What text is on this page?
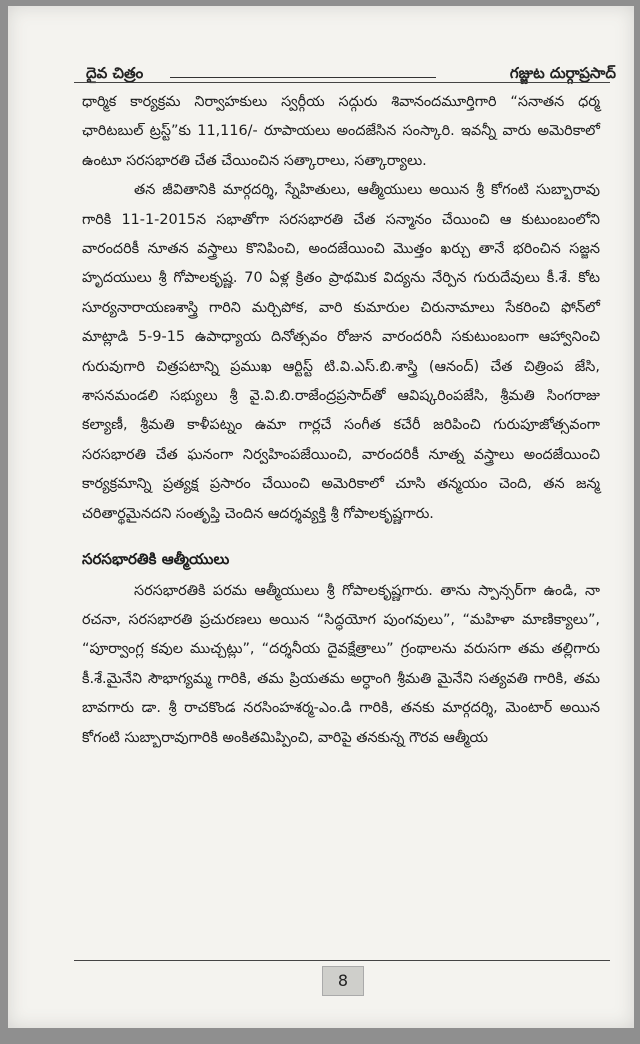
దైవ చిత్రం	గజ్జుట దుర్గాప్రసాద్

ధార్మిక కార్యక్రమ నిర్వాహకులు స్వర్గీయ సద్గురు శివానందమూర్తిగారి “సనాతన ధర్మ ఛారిటబుల్ ట్రస్ట్”కు 11,116/- రూపాయలు అందజేసిన సంస్కారి. ఇవన్నీ వారు అమెరికాలో ఉంటూ సరసభారతి చేత చేయించిన సత్కారాలు, సత్కార్యాలు.

తన జీవితానికి మార్గదర్శి, స్నేహితులు, ఆత్మీయులు అయిన శ్రీ కోగంటి సుబ్బారావు గారికి 11-1-2015న సభాతోగా సరసభారతి చేత సన్మానం చేయించి ఆ కుటుంబంలోని వారందరికీ నూతన వస్త్రాలు కొనిపించి, అందజేయించి మొత్తం ఖర్చు తానే భరించిన సజ్జన హృదయులు శ్రీ గోపాలకృష్ణ. 70 ఏళ్ల క్రితం ప్రాథమిక విద్యను నేర్పిన గురుదేవులు కీ.శే. కోట సూర్యనారాయణశాస్త్రి గారిని మర్చిపోక, వారి కుమారుల చిరునామాలు సేకరించి ఫోన్‌లో మాట్లాడి 5-9-15 ఉపాధ్యాయ దినోత్సవం రోజున వారందరినీ సకుటుంబంగా ఆహ్వానించి గురువుగారి చిత్రపటాన్ని ప్రముఖ ఆర్టిస్ట్ టి.వి.ఎస్.బి.శాస్త్రి (ఆనంద్) చేత చిత్రింప జేసి, శాసనమండలి సభ్యులు శ్రీ వై.వి.బి.రాజేంద్రప్రసాద్‌తో ఆవిష్కరింపజేసి, శ్రీమతి సింగరాజు కల్యాణీ, శ్రీమతి కాళీపట్నం ఉమా గార్లచే సంగీత కచేరీ జరిపించి గురుపూజోత్సవంగా సరసభారతి చేత ఘనంగా నిర్వహింపజేయించి, వారందరికీ నూత్న వస్త్రాలు అందజేయించి కార్యక్రమాన్ని ప్రత్యక్ష ప్రసారం చేయించి అమెరికాలో చూసి తన్మయం చెంది, తన జన్మ చరితార్థమైనదని సంతృప్తి చెందిన ఆదర్శవ్యక్తి శ్రీ గోపాలకృష్ణగారు.

సరసభారతికి ఆత్మీయులు

సరసభారతికి పరమ ఆత్మీయులు శ్రీ గోపాలకృష్ణగారు. తాను స్పాన్సర్‌గా ఉండి, నా రచనా, సరసభారతి ప్రచురణలు అయిన “సిద్ధయోగ పుంగవులు”, “మహిళా మాణిక్యాలు”, “పూర్వాంగ్ల కవుల ముచ్చట్లు”, “దర్శనీయ దైవక్షేత్రాలు” గ్రంథాలను వరుసగా తమ తల్లిగారు కీ.శే.మైనేని సౌభాగ్యమ్మ గారికి, తమ ప్రియతమ అర్ధాంగి శ్రీమతి మైనేని సత్యవతి గారికి, తమ బావగారు డా. శ్రీ రాచకొండ నరసింహశర్మ-ఎం.డి గారికి, తనకు మార్గదర్శి, మెంటార్ అయిన కోగంటి సుబ్బారావుగారికి అంకితమిప్పించి, వారిపై తనకున్న గౌరవ ఆత్మీయ

8
